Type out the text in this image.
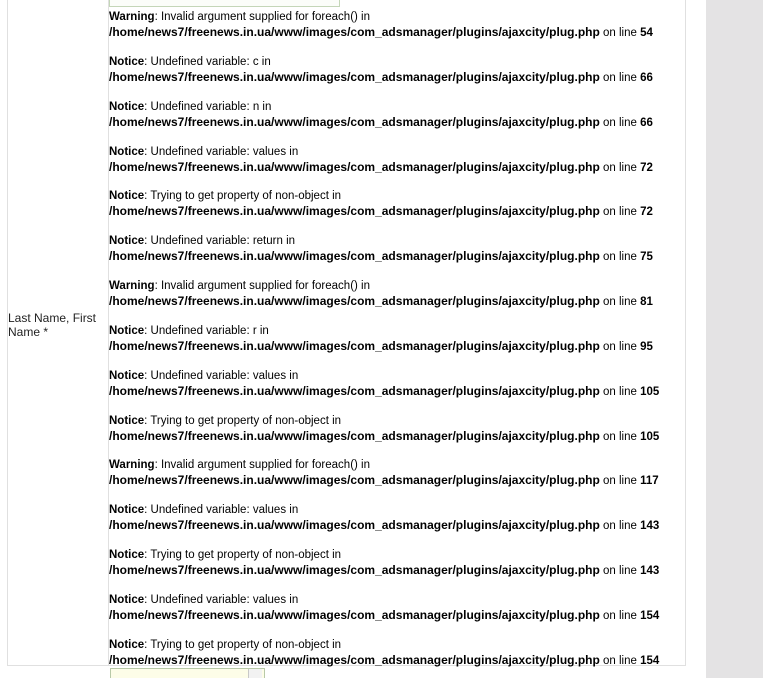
Last Name, First Name *
Warning: Invalid argument supplied for foreach() in
/home/news7/freenews.in.ua/www/images/com_adsmanager/plugins/ajaxcity/plug.php on line 54
Notice: Undefined variable: c in
/home/news7/freenews.in.ua/www/images/com_adsmanager/plugins/ajaxcity/plug.php on line 66
Notice: Undefined variable: n in
/home/news7/freenews.in.ua/www/images/com_adsmanager/plugins/ajaxcity/plug.php on line 66
Notice: Undefined variable: values in
/home/news7/freenews.in.ua/www/images/com_adsmanager/plugins/ajaxcity/plug.php on line 72
Notice: Trying to get property of non-object in
/home/news7/freenews.in.ua/www/images/com_adsmanager/plugins/ajaxcity/plug.php on line 72
Notice: Undefined variable: return in
/home/news7/freenews.in.ua/www/images/com_adsmanager/plugins/ajaxcity/plug.php on line 75
Warning: Invalid argument supplied for foreach() in
/home/news7/freenews.in.ua/www/images/com_adsmanager/plugins/ajaxcity/plug.php on line 81
Notice: Undefined variable: r in
/home/news7/freenews.in.ua/www/images/com_adsmanager/plugins/ajaxcity/plug.php on line 95
Notice: Undefined variable: values in
/home/news7/freenews.in.ua/www/images/com_adsmanager/plugins/ajaxcity/plug.php on line 105
Notice: Trying to get property of non-object in
/home/news7/freenews.in.ua/www/images/com_adsmanager/plugins/ajaxcity/plug.php on line 105
Warning: Invalid argument supplied for foreach() in
/home/news7/freenews.in.ua/www/images/com_adsmanager/plugins/ajaxcity/plug.php on line 117
Notice: Undefined variable: values in
/home/news7/freenews.in.ua/www/images/com_adsmanager/plugins/ajaxcity/plug.php on line 143
Notice: Trying to get property of non-object in
/home/news7/freenews.in.ua/www/images/com_adsmanager/plugins/ajaxcity/plug.php on line 143
Notice: Undefined variable: values in
/home/news7/freenews.in.ua/www/images/com_adsmanager/plugins/ajaxcity/plug.php on line 154
Notice: Trying to get property of non-object in
/home/news7/freenews.in.ua/www/images/com_adsmanager/plugins/ajaxcity/plug.php on line 154
